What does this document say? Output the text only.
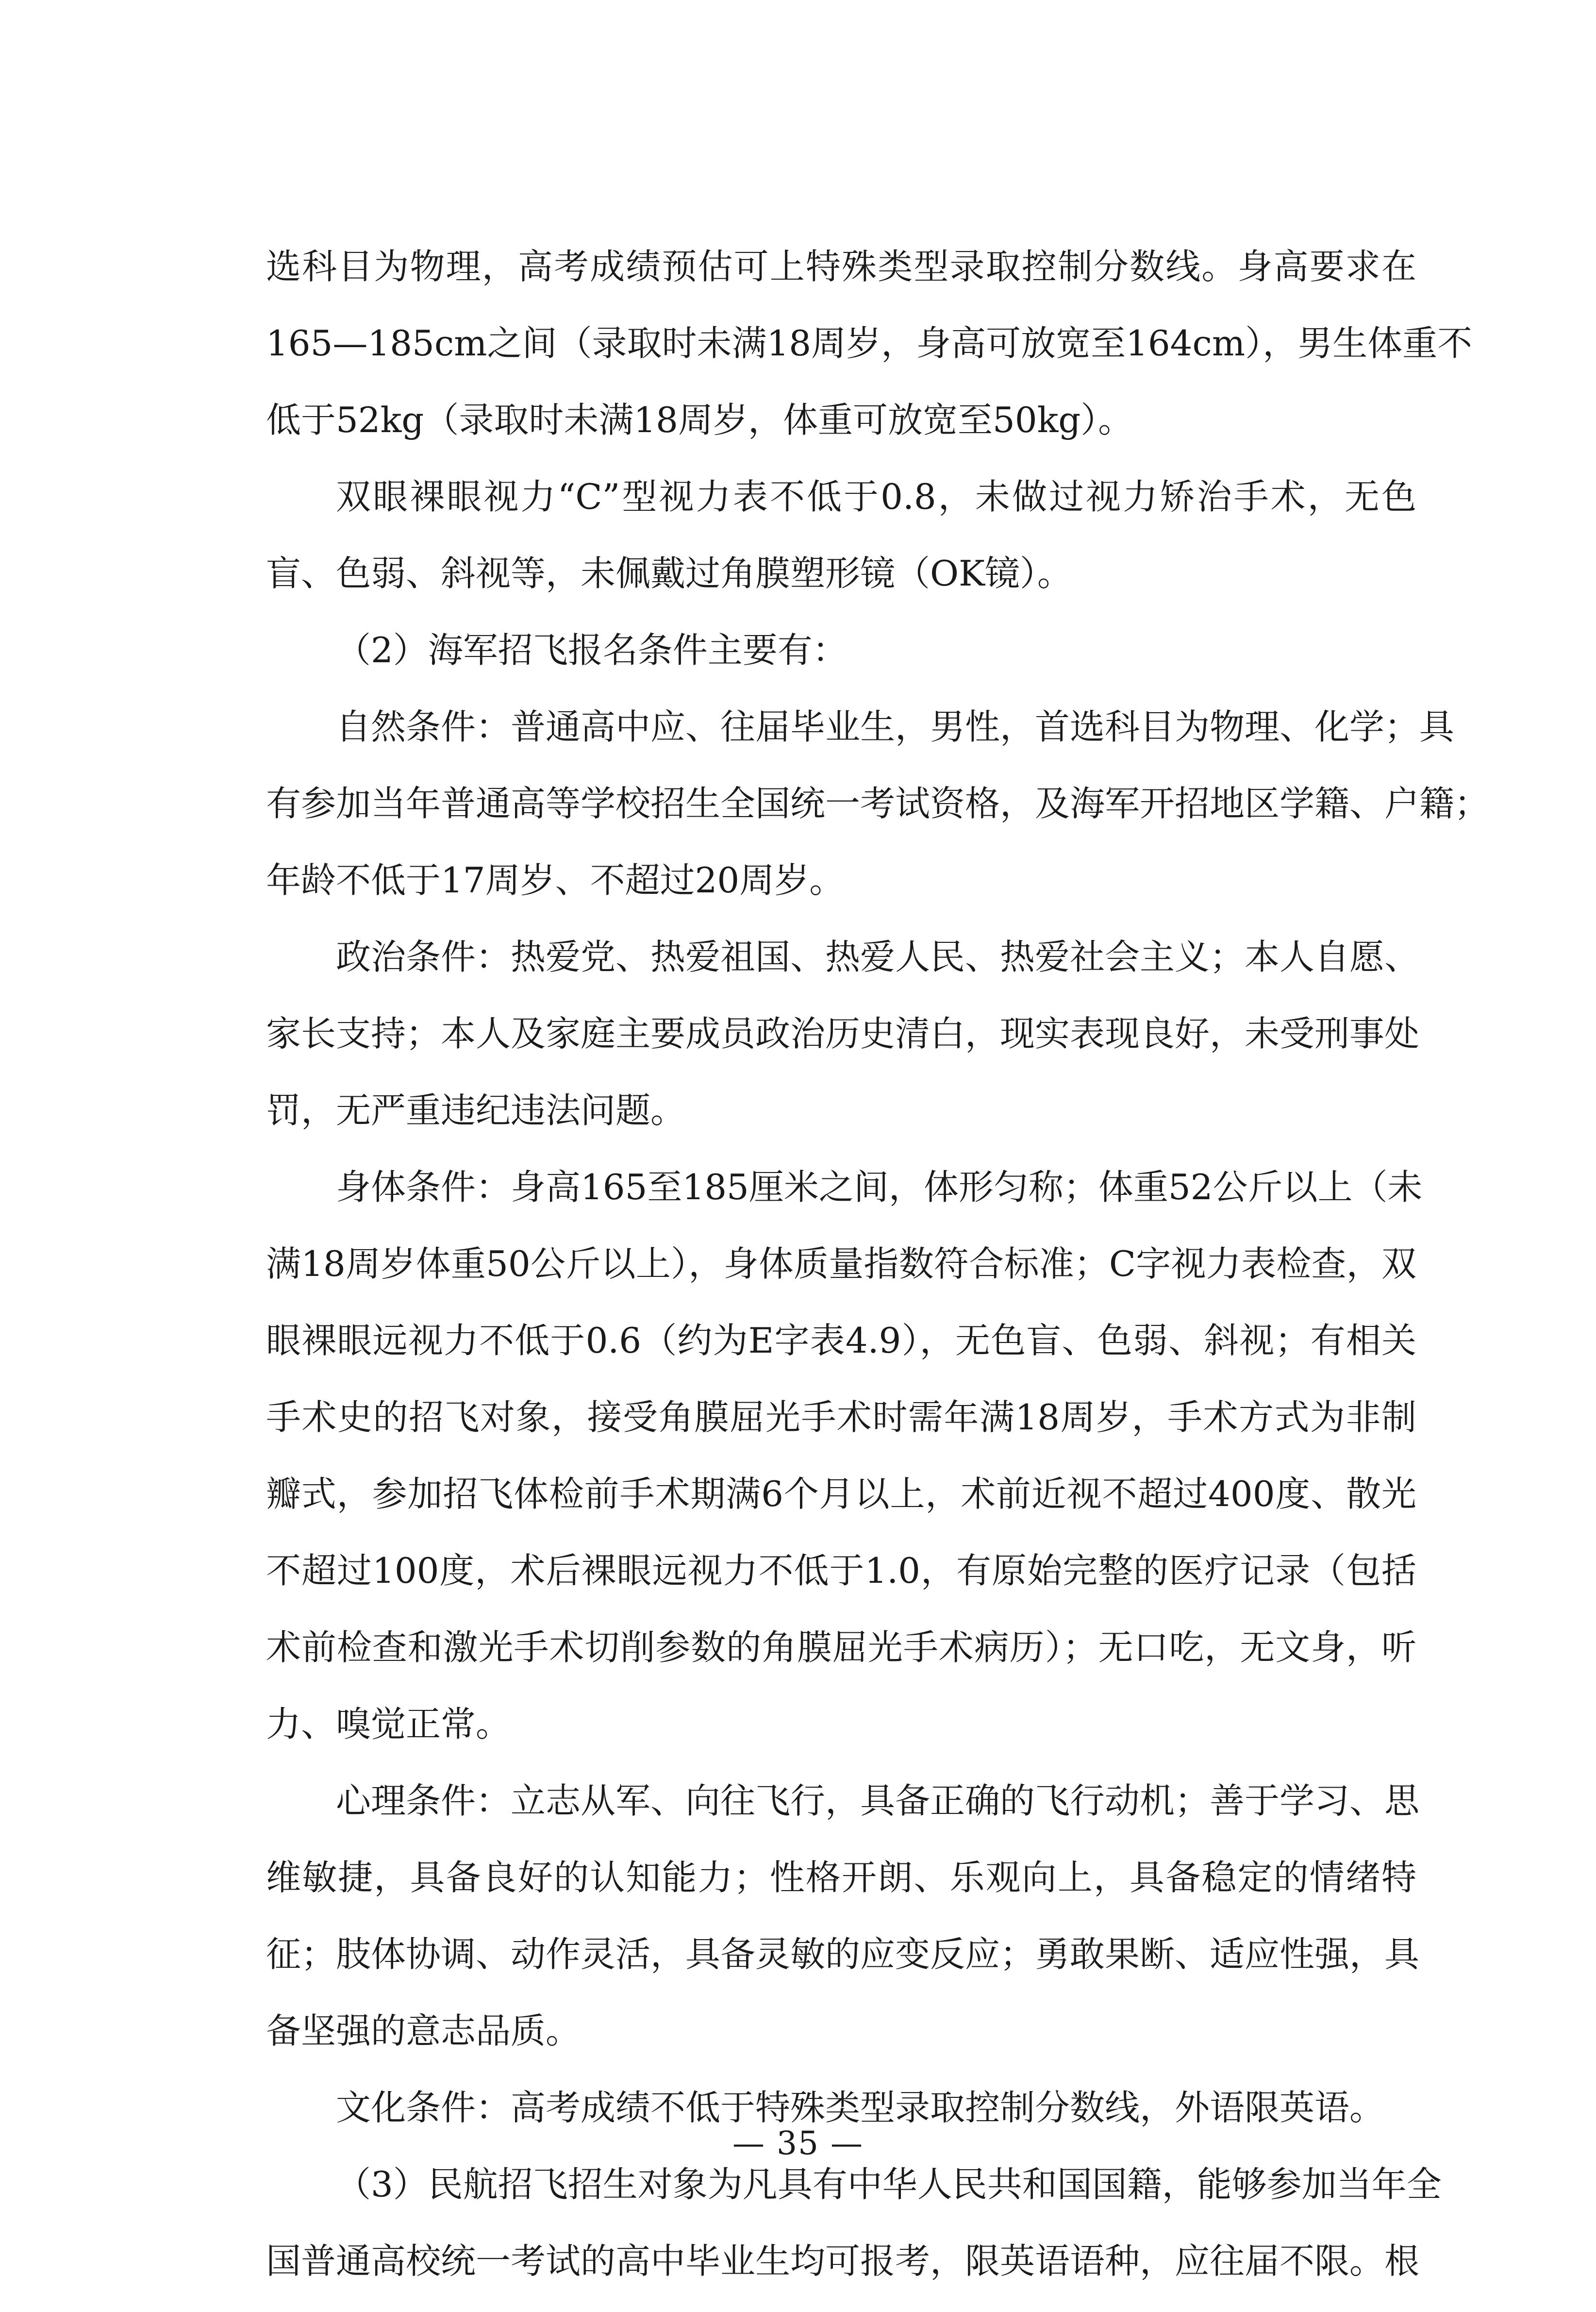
选科目为物理，高考成绩预估可上特殊类型录取控制分数线。身高要求在
165—185cm之间（录取时未满18周岁，身高可放宽至164cm），男生体重不
低于52kg（录取时未满18周岁，体重可放宽至50kg）。
双眼裸眼视力“C”型视力表不低于0.8，未做过视力矫治手术，无色
盲、色弱、斜视等，未佩戴过角膜塑形镜（OK镜）。
（2）海军招飞报名条件主要有：
自然条件：普通高中应、往届毕业生，男性，首选科目为物理、化学；具
有参加当年普通高等学校招生全国统一考试资格，及海军开招地区学籍、户籍；
年龄不低于17周岁、不超过20周岁。
政治条件：热爱党、热爱祖国、热爱人民、热爱社会主义；本人自愿、
家长支持；本人及家庭主要成员政治历史清白，现实表现良好，未受刑事处
罚，无严重违纪违法问题。
身体条件：身高165至185厘米之间，体形匀称；体重52公斤以上（未
满18周岁体重50公斤以上），身体质量指数符合标准；C字视力表检查，双
眼裸眼远视力不低于0.6（约为E字表4.9），无色盲、色弱、斜视；有相关
手术史的招飞对象，接受角膜屈光手术时需年满18周岁，手术方式为非制
瓣式，参加招飞体检前手术期满6个月以上，术前近视不超过400度、散光
不超过100度，术后裸眼远视力不低于1.0，有原始完整的医疗记录（包括
术前检查和激光手术切削参数的角膜屈光手术病历）；无口吃，无文身，听
力、嗅觉正常。
心理条件：立志从军、向往飞行，具备正确的飞行动机；善于学习、思
维敏捷，具备良好的认知能力；性格开朗、乐观向上，具备稳定的情绪特
征；肢体协调、动作灵活，具备灵敏的应变反应；勇敢果断、适应性强，具
备坚强的意志品质。
文化条件：高考成绩不低于特殊类型录取控制分数线，外语限英语。
（3）民航招飞招生对象为凡具有中华人民共和国国籍，能够参加当年全
国普通高校统一考试的高中毕业生均可报考，限英语语种，应往届不限。根
— 35 —
